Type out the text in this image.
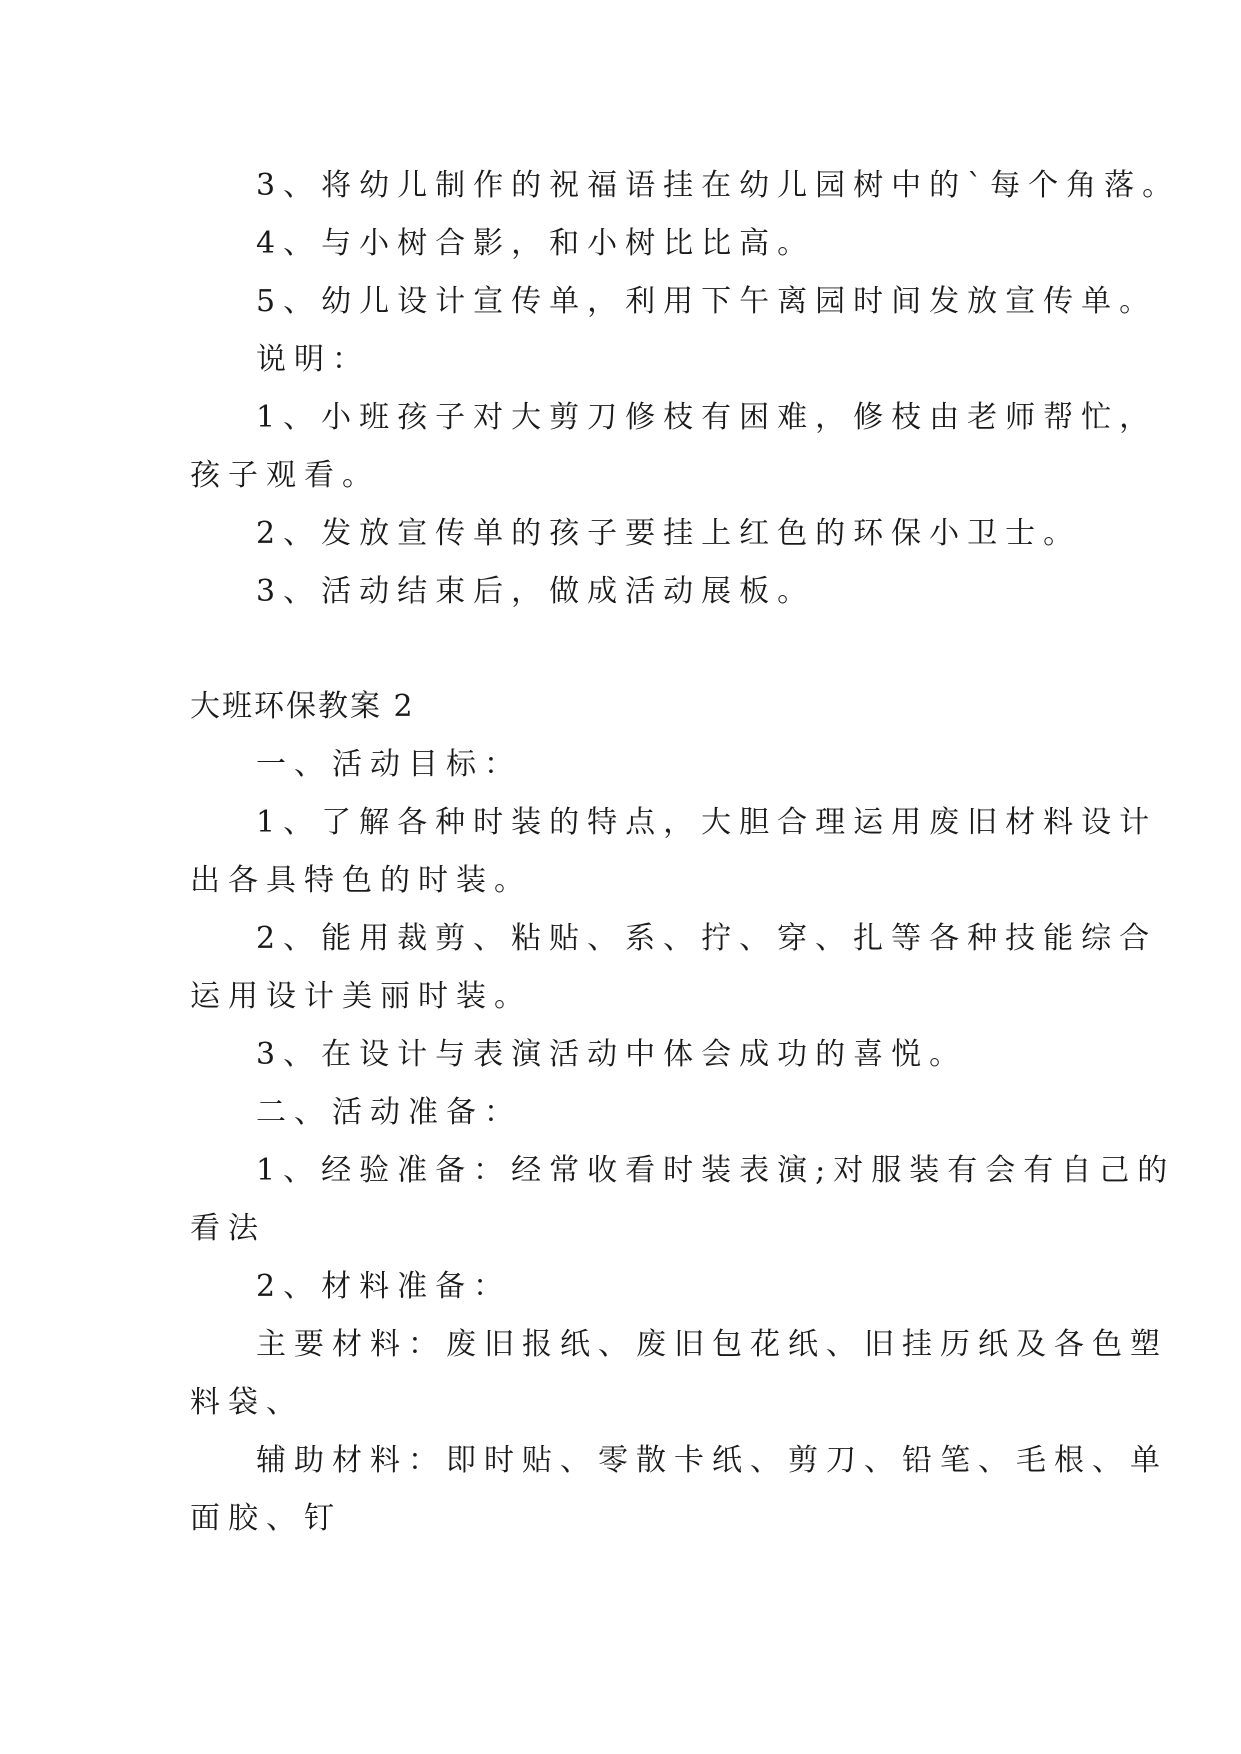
3、将幼儿制作的祝福语挂在幼儿园树中的`每个角落。
4、与小树合影，和小树比比高。
5、幼儿设计宣传单，利用下午离园时间发放宣传单。
说明：
1、小班孩子对大剪刀修枝有困难，修枝由老师帮忙，
孩子观看。
2、发放宣传单的孩子要挂上红色的环保小卫士。
3、活动结束后，做成活动展板。
大班环保教案 2
一、活动目标：
1、了解各种时装的特点，大胆合理运用废旧材料设计
出各具特色的时装。
2、能用裁剪、粘贴、系、拧、穿、扎等各种技能综合
运用设计美丽时装。
3、在设计与表演活动中体会成功的喜悦。
二、活动准备：
1、经验准备：经常收看时装表演;对服装有会有自己的
看法
2、材料准备：
主要材料：废旧报纸、废旧包花纸、旧挂历纸及各色塑
料袋、
辅助材料：即时贴、零散卡纸、剪刀、铅笔、毛根、单
面胶、钉
